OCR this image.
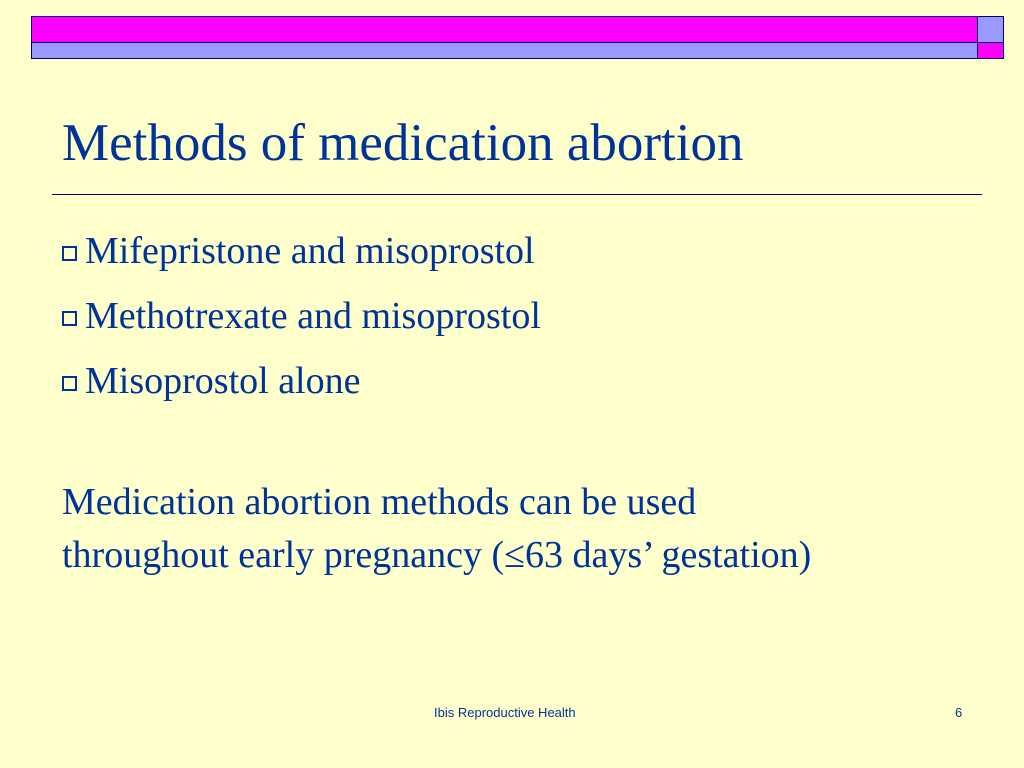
Methods of medication abortion
Mifepristone and misoprostol
Methotrexate and misoprostol
Misoprostol alone

Medication abortion methods can be used
throughout early pregnancy (≤63 days’ gestation)

Ibis Reproductive Health	6
